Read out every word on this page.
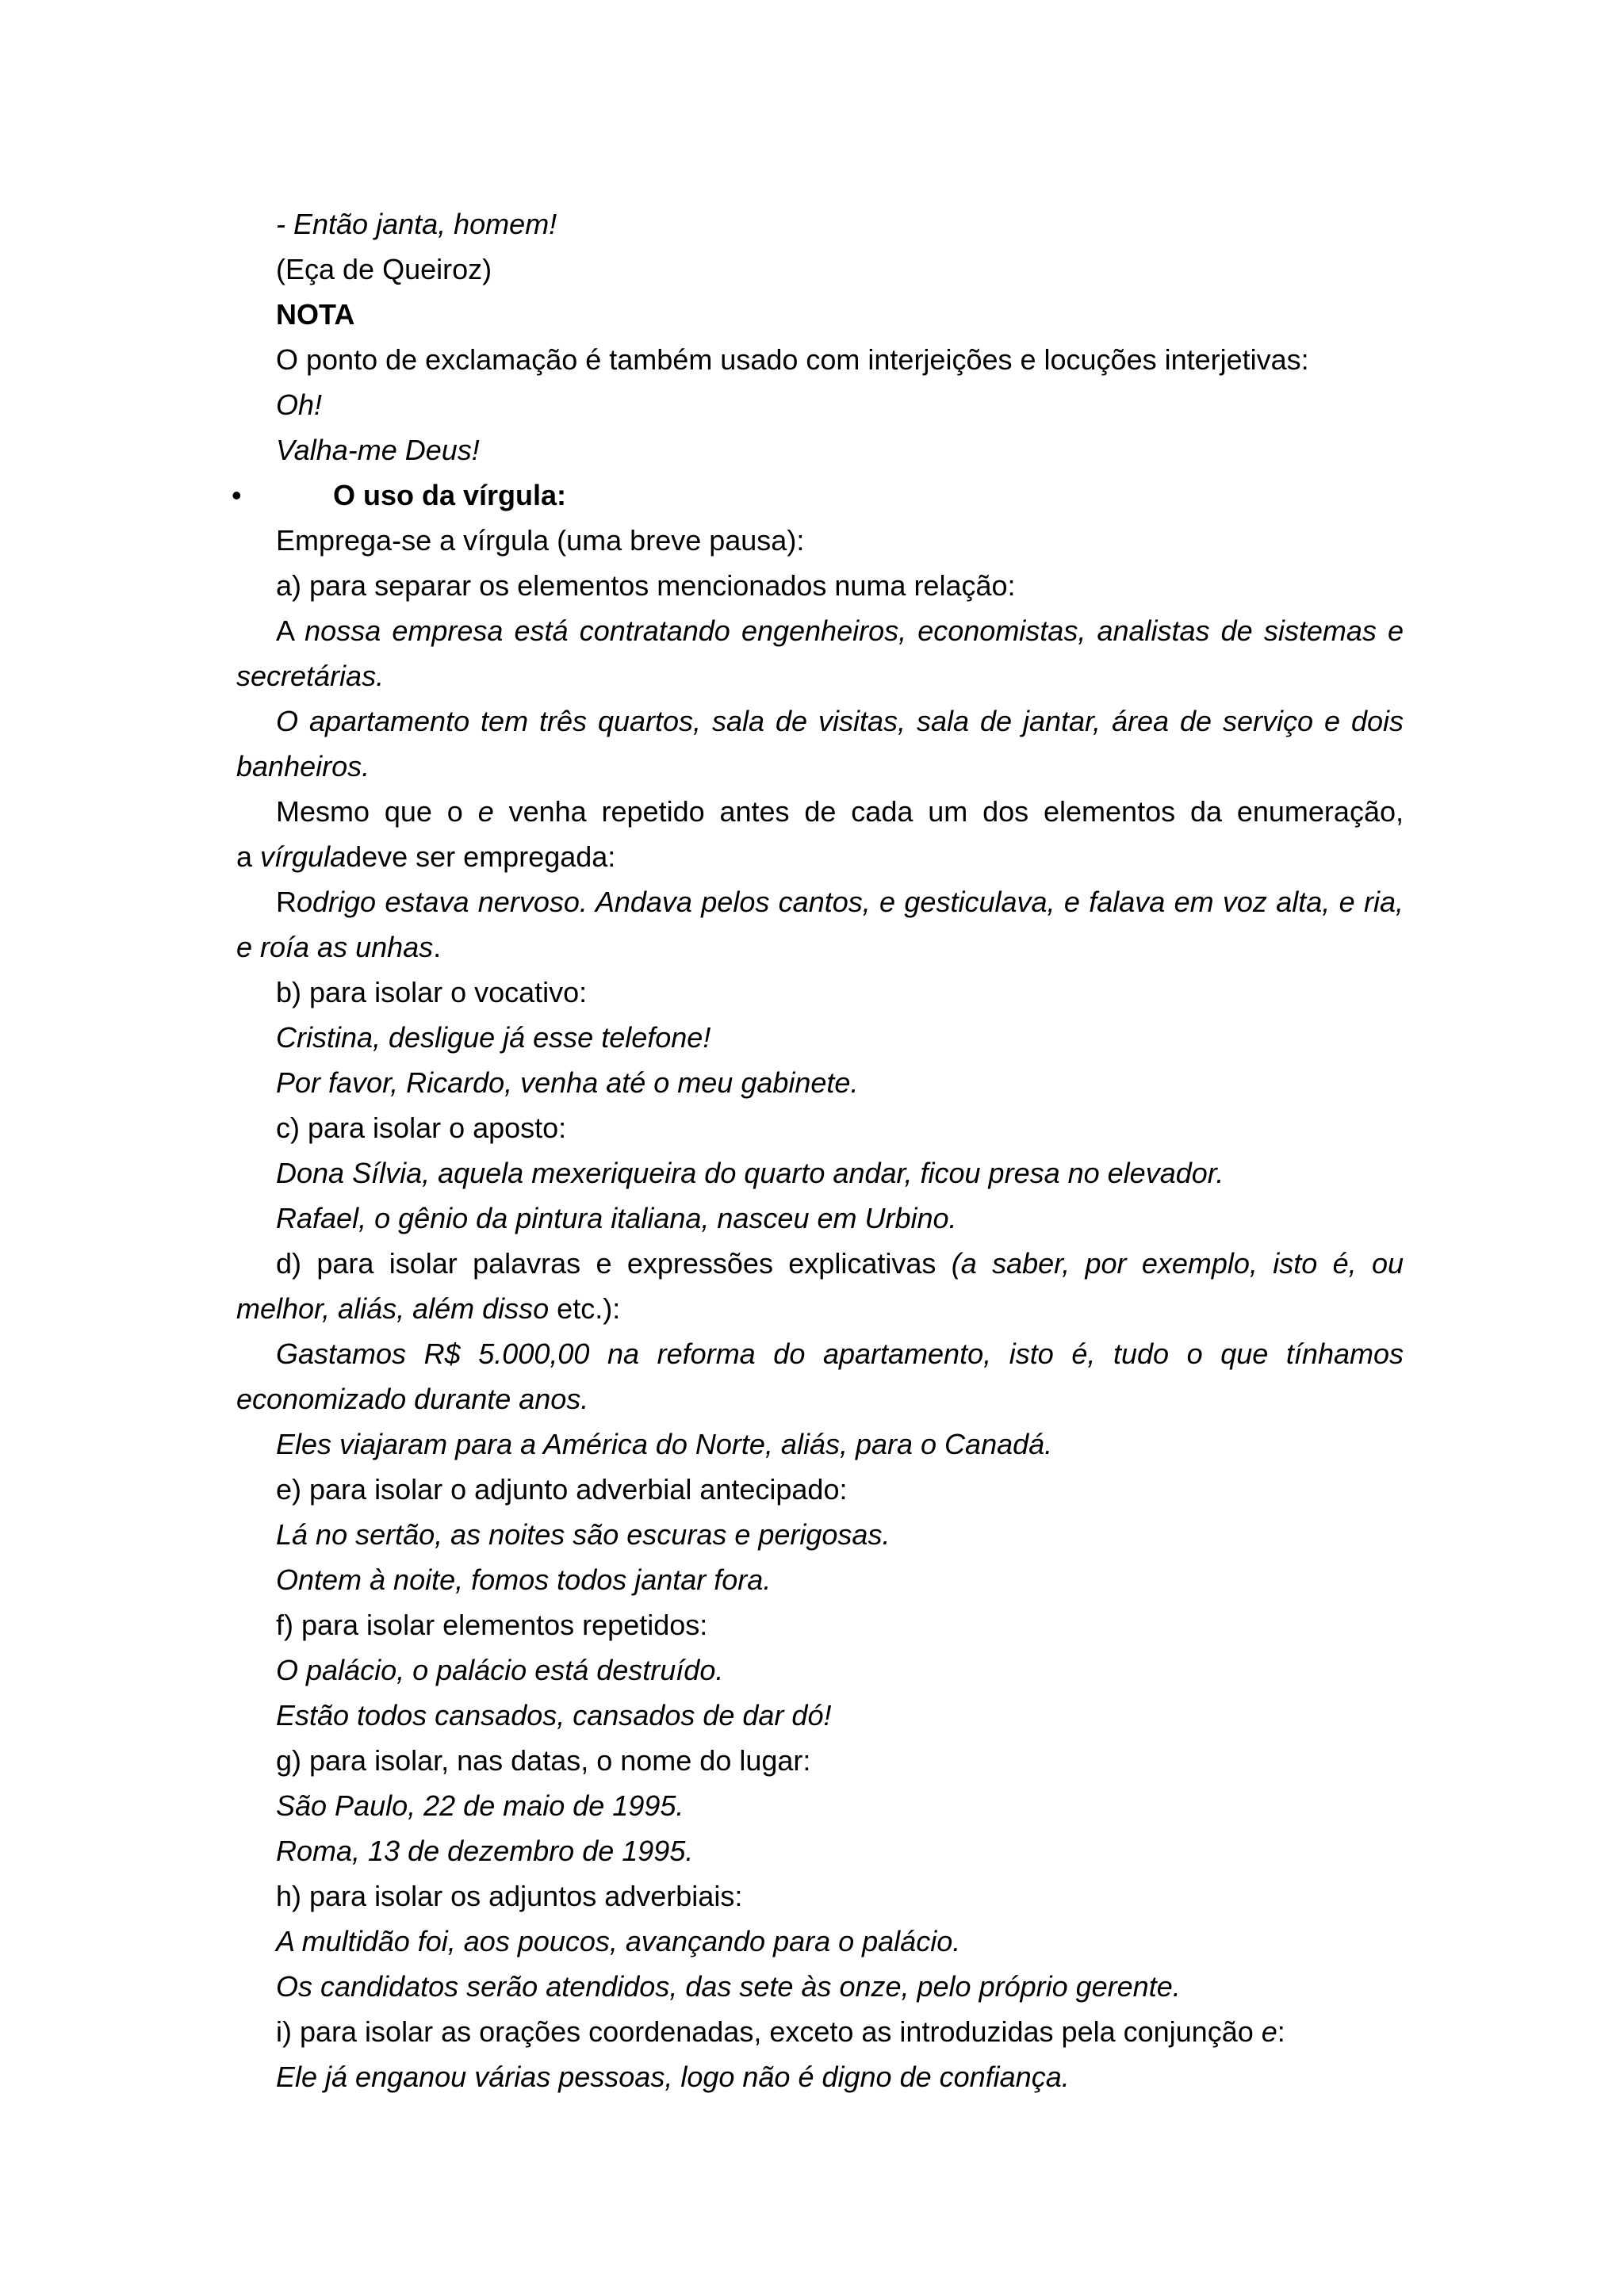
- Então janta, homem!
(Eça de Queiroz)
NOTA
O ponto de exclamação é também usado com interjeições e locuções interjetivas:
Oh!
Valha-me Deus!
•	O uso da vírgula:
Emprega-se a vírgula (uma breve pausa):
a) para separar os elementos mencionados numa relação:
A nossa empresa está contratando engenheiros, economistas, analistas de sistemas e
secretárias.
O apartamento tem três quartos, sala de visitas, sala de jantar, área de serviço e dois
banheiros.
Mesmo que o e venha repetido antes de cada um dos elementos da enumeração,
a vírguladeve ser empregada:
Rodrigo estava nervoso. Andava pelos cantos, e gesticulava, e falava em voz alta, e ria,
e roía as unhas.
b) para isolar o vocativo:
Cristina, desligue já esse telefone!
Por favor, Ricardo, venha até o meu gabinete.
c) para isolar o aposto:
Dona Sílvia, aquela mexeriqueira do quarto andar, ficou presa no elevador.
Rafael, o gênio da pintura italiana, nasceu em Urbino.
d) para isolar palavras e expressões explicativas (a saber, por exemplo, isto é, ou
melhor, aliás, além disso etc.):
Gastamos R$ 5.000,00 na reforma do apartamento, isto é, tudo o que tínhamos
economizado durante anos.
Eles viajaram para a América do Norte, aliás, para o Canadá.
e) para isolar o adjunto adverbial antecipado:
Lá no sertão, as noites são escuras e perigosas.
Ontem à noite, fomos todos jantar fora.
f) para isolar elementos repetidos:
O palácio, o palácio está destruído.
Estão todos cansados, cansados de dar dó!
g) para isolar, nas datas, o nome do lugar:
São Paulo, 22 de maio de 1995.
Roma, 13 de dezembro de 1995.
h) para isolar os adjuntos adverbiais:
A multidão foi, aos poucos, avançando para o palácio.
Os candidatos serão atendidos, das sete às onze, pelo próprio gerente.
i) para isolar as orações coordenadas, exceto as introduzidas pela conjunção e:
Ele já enganou várias pessoas, logo não é digno de confiança.
